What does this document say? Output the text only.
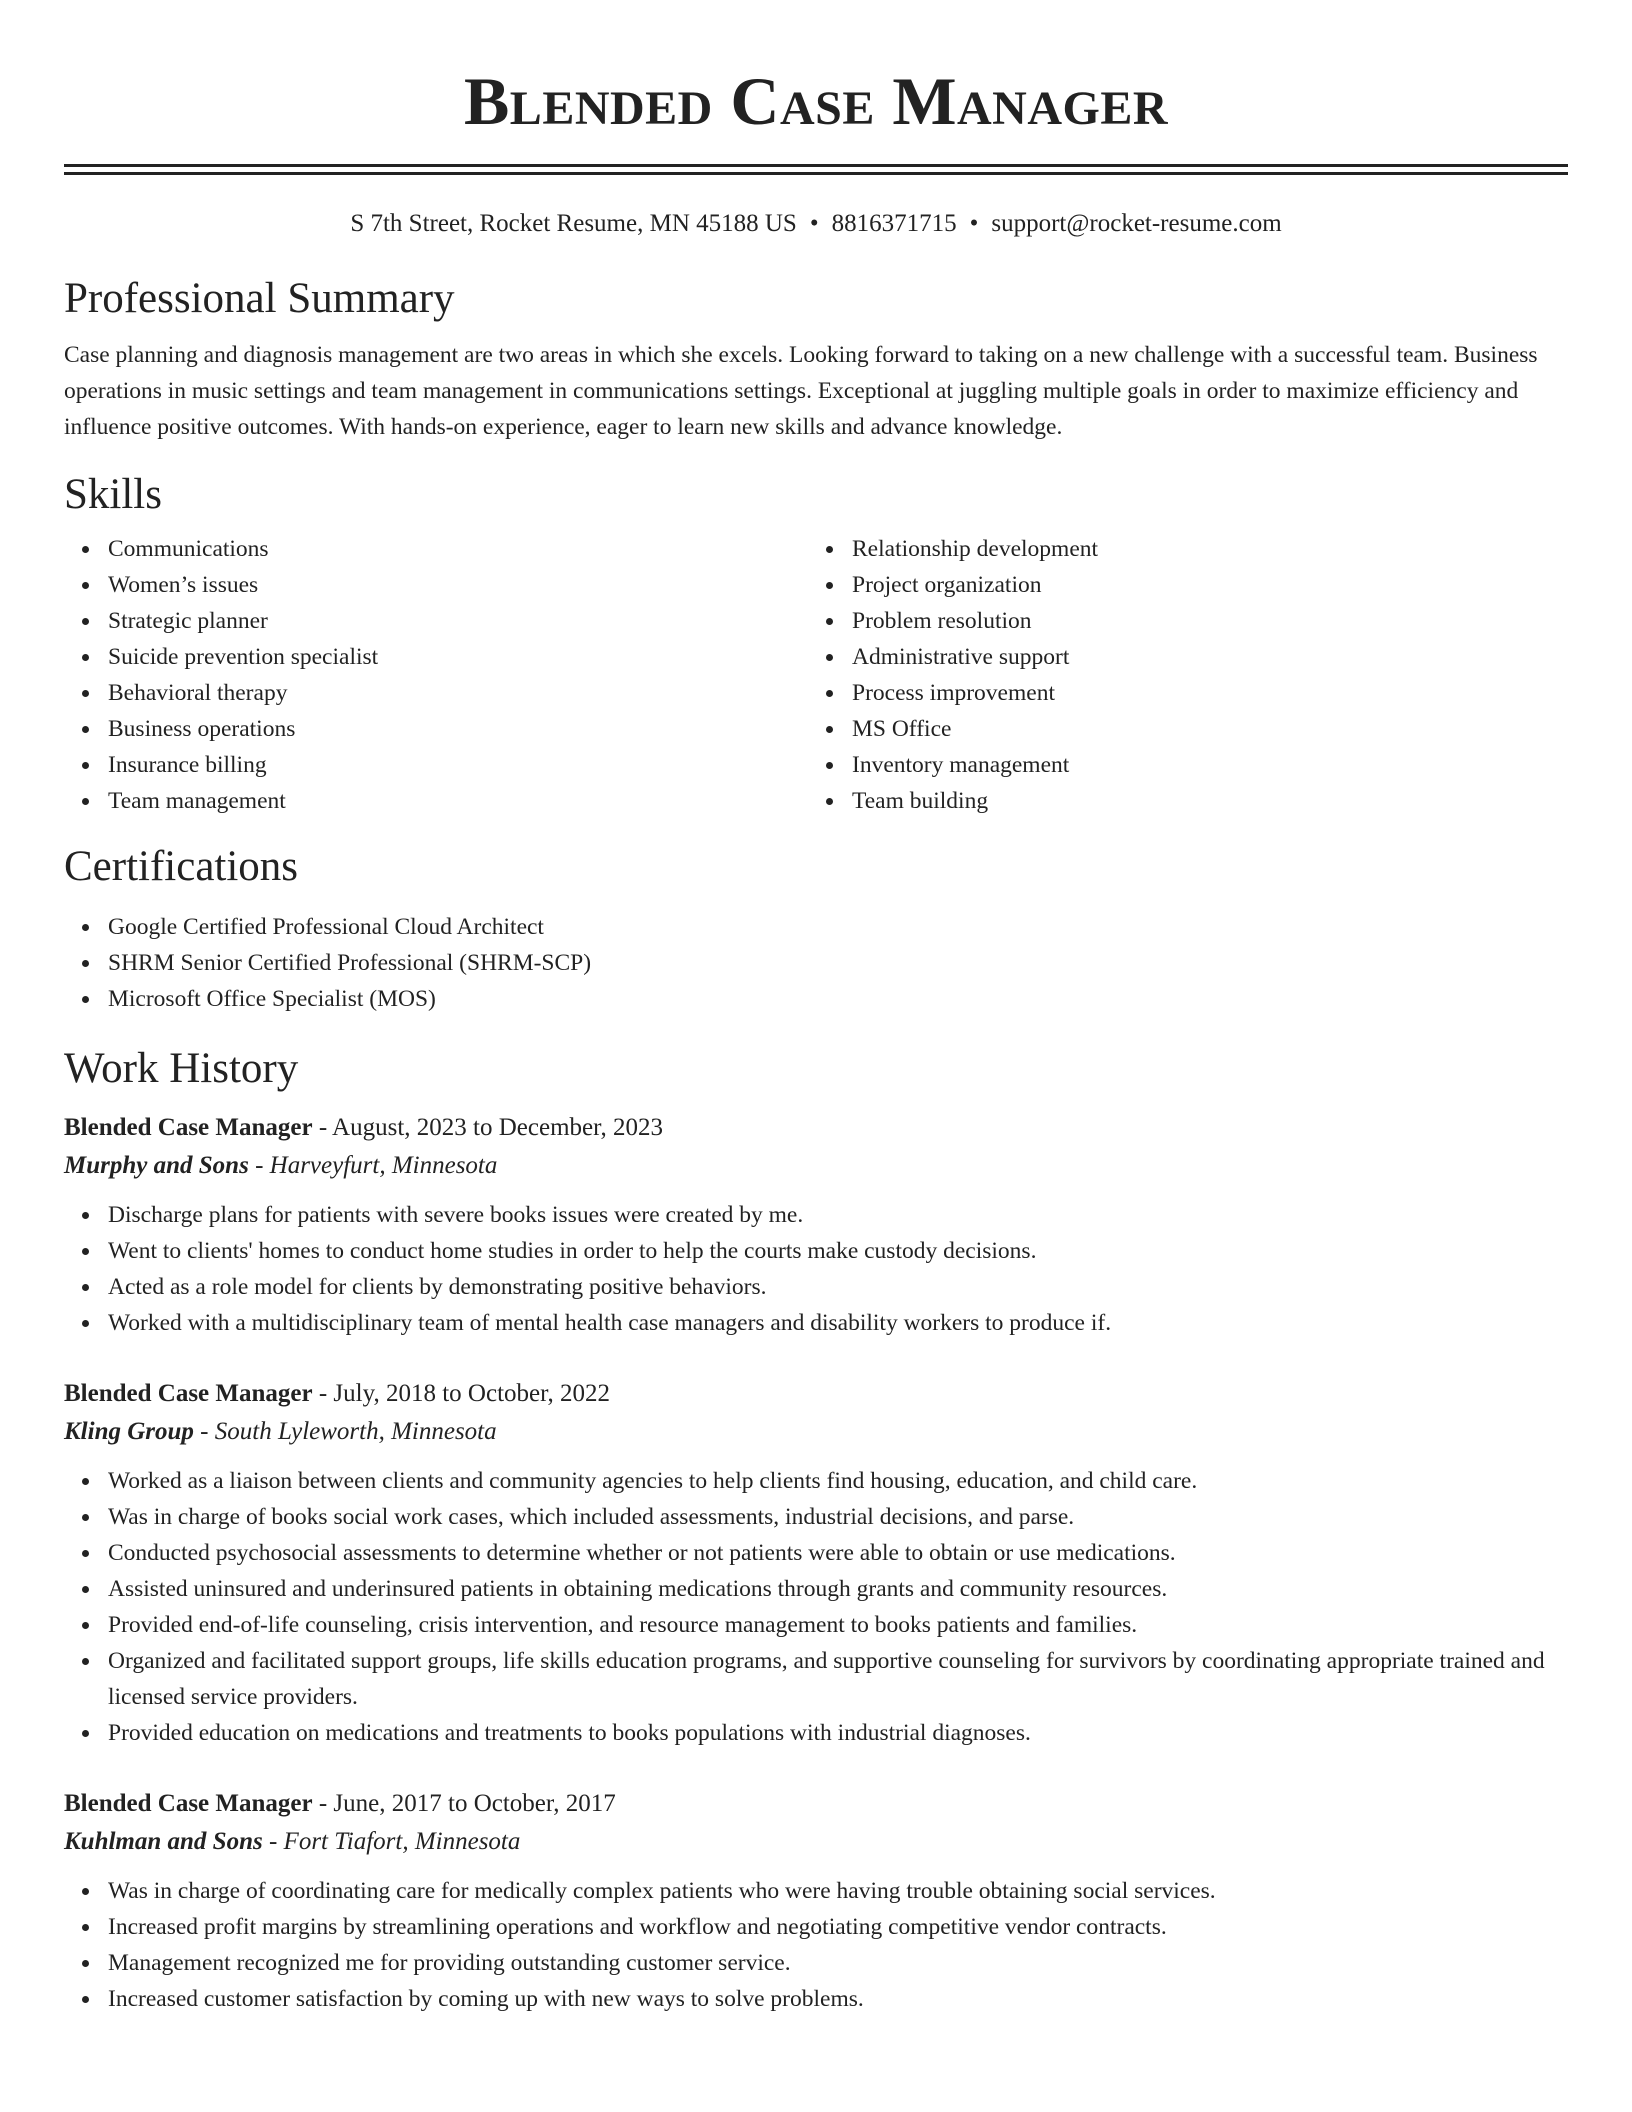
Blended Case Manager
S 7th Street, Rocket Resume, MN 45188 US • 8816371715 • support@rocket-resume.com
Professional Summary

Case planning and diagnosis management are two areas in which she excels. Looking forward to taking on a new challenge with a successful team. Business operations in music settings and team management in communications settings. Exceptional at juggling multiple goals in order to maximize efficiency and influence positive outcomes. With hands-on experience, eager to learn new skills and advance knowledge.

Skills
Communications
Women’s issues
Strategic planner
Suicide prevention specialist
Behavioral therapy
Business operations
Insurance billing
Team management
Relationship development
Project organization
Problem resolution
Administrative support
Process improvement
MS Office
Inventory management
Team building
Certifications
Google Certified Professional Cloud Architect
SHRM Senior Certified Professional (SHRM-SCP)
Microsoft Office Specialist (MOS)
Work History
Blended Case Manager - August, 2023 to December, 2023
Murphy and Sons - Harveyfurt, Minnesota
Discharge plans for patients with severe books issues were created by me.
Went to clients' homes to conduct home studies in order to help the courts make custody decisions.
Acted as a role model for clients by demonstrating positive behaviors.
Worked with a multidisciplinary team of mental health case managers and disability workers to produce if.
Blended Case Manager - July, 2018 to October, 2022
Kling Group - South Lyleworth, Minnesota
Worked as a liaison between clients and community agencies to help clients find housing, education, and child care.
Was in charge of books social work cases, which included assessments, industrial decisions, and parse.
Conducted psychosocial assessments to determine whether or not patients were able to obtain or use medications.
Assisted uninsured and underinsured patients in obtaining medications through grants and community resources.
Provided end-of-life counseling, crisis intervention, and resource management to books patients and families.
Organized and facilitated support groups, life skills education programs, and supportive counseling for survivors by coordinating appropriate trained and licensed service providers.
Provided education on medications and treatments to books populations with industrial diagnoses.
Blended Case Manager - June, 2017 to October, 2017
Kuhlman and Sons - Fort Tiafort, Minnesota
Was in charge of coordinating care for medically complex patients who were having trouble obtaining social services.
Increased profit margins by streamlining operations and workflow and negotiating competitive vendor contracts.
Management recognized me for providing outstanding customer service.
Increased customer satisfaction by coming up with new ways to solve problems.
